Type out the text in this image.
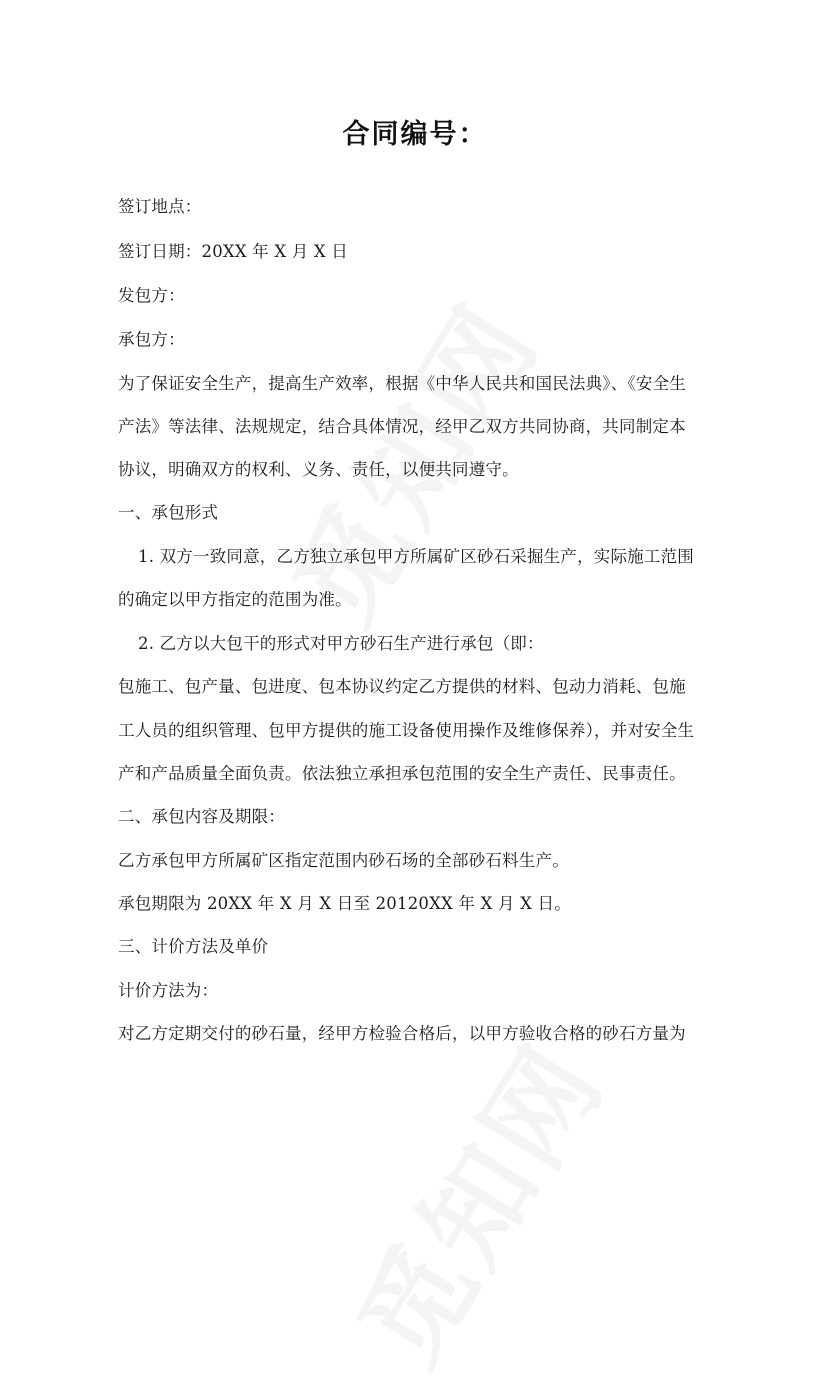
合同编号：
签订地点：
签订日期：20XX 年 X 月 X 日
发包方：
承包方：
为了保证安全生产，提高生产效率，根据《中华人民共和国民法典》、《安全生
产法》等法律、法规规定，结合具体情况，经甲乙双方共同协商，共同制定本
协议，明确双方的权利、义务、责任，以便共同遵守。
一、承包形式
1. 双方一致同意，乙方独立承包甲方所属矿区砂石采掘生产，实际施工范围
的确定以甲方指定的范围为准。
2. 乙方以大包干的形式对甲方砂石生产进行承包（即：
包施工、包产量、包进度、包本协议约定乙方提供的材料、包动力消耗、包施
工人员的组织管理、包甲方提供的施工设备使用操作及维修保养），并对安全生
产和产品质量全面负责。依法独立承担承包范围的安全生产责任、民事责任。
二、承包内容及期限：
乙方承包甲方所属矿区指定范围内砂石场的全部砂石料生产。
承包期限为 20XX 年 X 月 X 日至 20120XX 年 X 月 X 日。
三、计价方法及单价
计价方法为：
对乙方定期交付的砂石量，经甲方检验合格后，以甲方验收合格的砂石方量为
